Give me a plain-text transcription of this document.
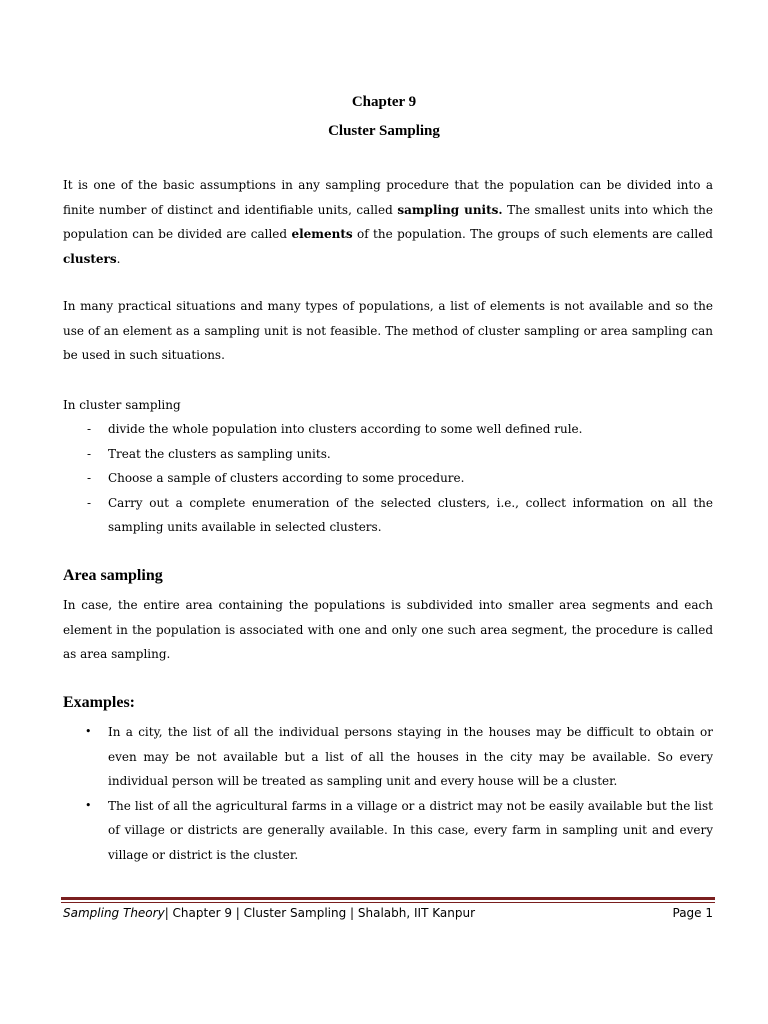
Chapter 9
Cluster Sampling
It is one of the basic assumptions in any sampling procedure that the population can be divided into a finite number of distinct and identifiable units, called sampling units. The smallest units into which the population can be divided are called elements of the population. The groups of such elements are called clusters.
In many practical situations and many types of populations, a list of elements is not available and so the use of an element as a sampling unit is not feasible. The method of cluster sampling or area sampling can be used in such situations.
In cluster sampling
- divide the whole population into clusters according to some well defined rule.
- Treat the clusters as sampling units.
- Choose a sample of clusters according to some procedure.
- Carry out a complete enumeration of the selected clusters, i.e., collect information on all the sampling units available in selected clusters.
Area sampling
In case, the entire area containing the populations is subdivided into smaller area segments and each element in the population is associated with one and only one such area segment, the procedure is called as area sampling.
Examples:
• In a city, the list of all the individual persons staying in the houses may be difficult to obtain or even may be not available but a list of all the houses in the city may be available. So every individual person will be treated as sampling unit and every house will be a cluster.
• The list of all the agricultural farms in a village or a district may not be easily available but the list of village or districts are generally available. In this case, every farm in sampling unit and every village or district is the cluster.
Sampling Theory| Chapter 9 | Cluster Sampling | Shalabh, IIT Kanpur	Page 1
